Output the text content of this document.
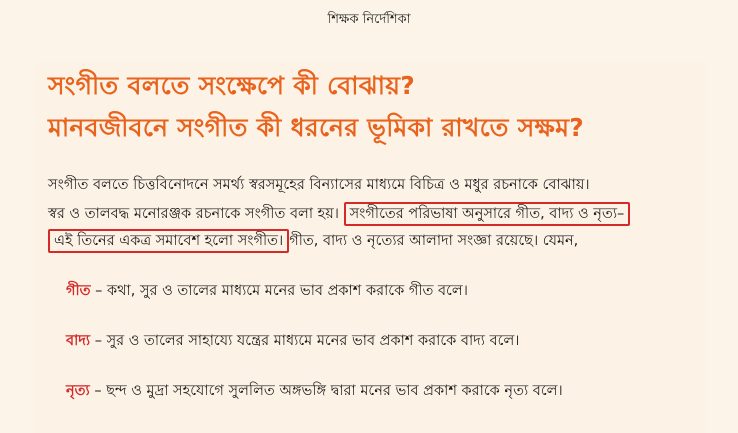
শিক্ষক নির্দেশিকা
সংগীত বলতে সংক্ষেপে কী বোঝায়?
মানবজীবনে সংগীত কী ধরনের ভূমিকা রাখতে সক্ষম?
সংগীত বলতে চিত্তবিনোদনে সমর্থ্য স্বরসমূহের বিন্যাসের মাধ্যমে বিচিত্র ও মধুর রচনাকে বোঝায়।
স্বর ও তালবদ্ধ মনোরঞ্জক রচনাকে সংগীত বলা হয়। সংগীতের পরিভাষা অনুসারে গীত, বাদ্য ও নৃত্য–
এই তিনের একত্র সমাবেশ হলো সংগীত। গীত, বাদ্য ও নৃত্যের আলাদা সংজ্ঞা রয়েছে। যেমন,
গীত – কথা, সুর ও তালের মাধ্যমে মনের ভাব প্রকাশ করাকে গীত বলে।
বাদ্য – সুর ও তালের সাহায্যে যন্ত্রের মাধ্যমে মনের ভাব প্রকাশ করাকে বাদ্য বলে।
নৃত্য – ছন্দ ও মুদ্রা সহযোগে সুললিত অঙ্গভঙ্গি দ্বারা মনের ভাব প্রকাশ করাকে নৃত্য বলে।
